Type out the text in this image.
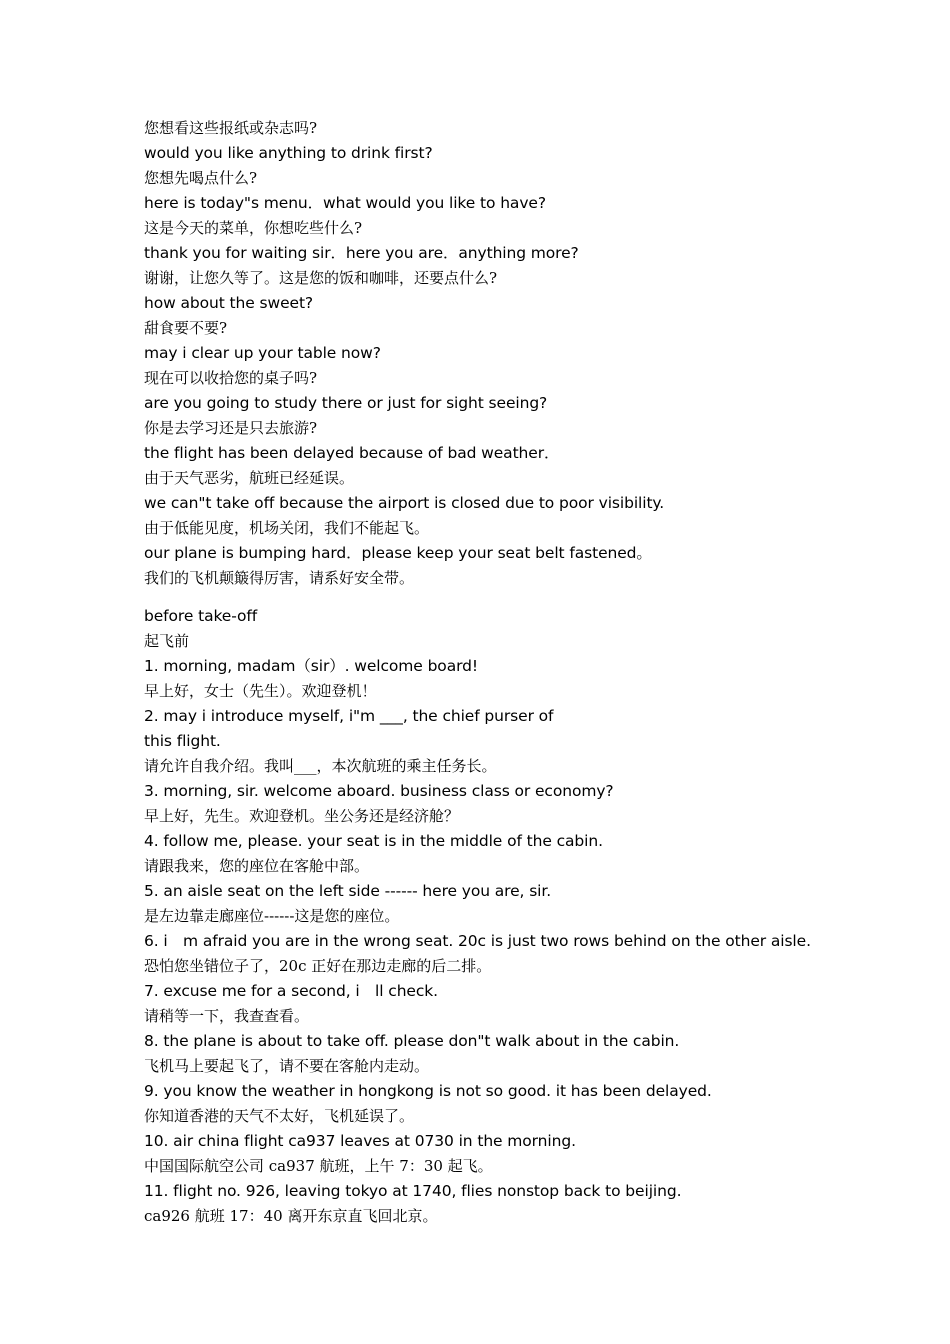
您想看这些报纸或杂志吗?

would you like anything to drink first?

您想先喝点什么?

here is today"s menu．what would you like to have?

这是今天的菜单，你想吃些什么?

thank you for waiting sir．here you are．anything more?

谢谢，让您久等了。这是您的饭和咖啡，还要点什么?

how about the sweet?

甜食要不要?

may i clear up your table now?

现在可以收拾您的桌子吗?

are you going to study there or just for sight seeing?

你是去学习还是只去旅游?

the flight has been delayed because of bad weather．

由于天气恶劣，航班已经延误。

we can"t take off because the airport is closed due to poor visibility.

由于低能见度，机场关闭，我们不能起飞。

our plane is bumping hard．please keep your seat belt fastened。

我们的飞机颠簸得厉害，请系好安全带。

before take-off

起飞前

1. morning, madam（sir）. welcome board!

早上好，女士（先生）。欢迎登机！

2. may i introduce myself, i"m ___, the chief purser of

this flight.

请允许自我介绍。我叫___，本次航班的乘主任务长。

3. morning, sir. welcome aboard. business class or economy?

早上好，先生。欢迎登机。坐公务还是经济舱？

4. follow me, please. your seat is in the middle of the cabin.

请跟我来，您的座位在客舱中部。

5. an aisle seat on the left side ------ here you are, sir.

是左边靠走廊座位------这是您的座位。

6. i　m afraid you are in the wrong seat. 20c is just two rows behind on the other aisle.

恐怕您坐错位子了，20c 正好在那边走廊的后二排。

7. excuse me for a second, i　ll check.

请稍等一下，我查查看。

8. the plane is about to take off. please don"t walk about in the cabin.

飞机马上要起飞了，请不要在客舱内走动。

9. you know the weather in hongkong is not so good. it has been delayed.

你知道香港的天气不太好，飞机延误了。

10. air china flight ca937 leaves at 0730 in the morning.

中国国际航空公司 ca937 航班，上午 7：30 起飞。

11. flight no. 926, leaving tokyo at 1740, flies nonstop back to beijing.

ca926 航班 17：40 离开东京直飞回北京。
